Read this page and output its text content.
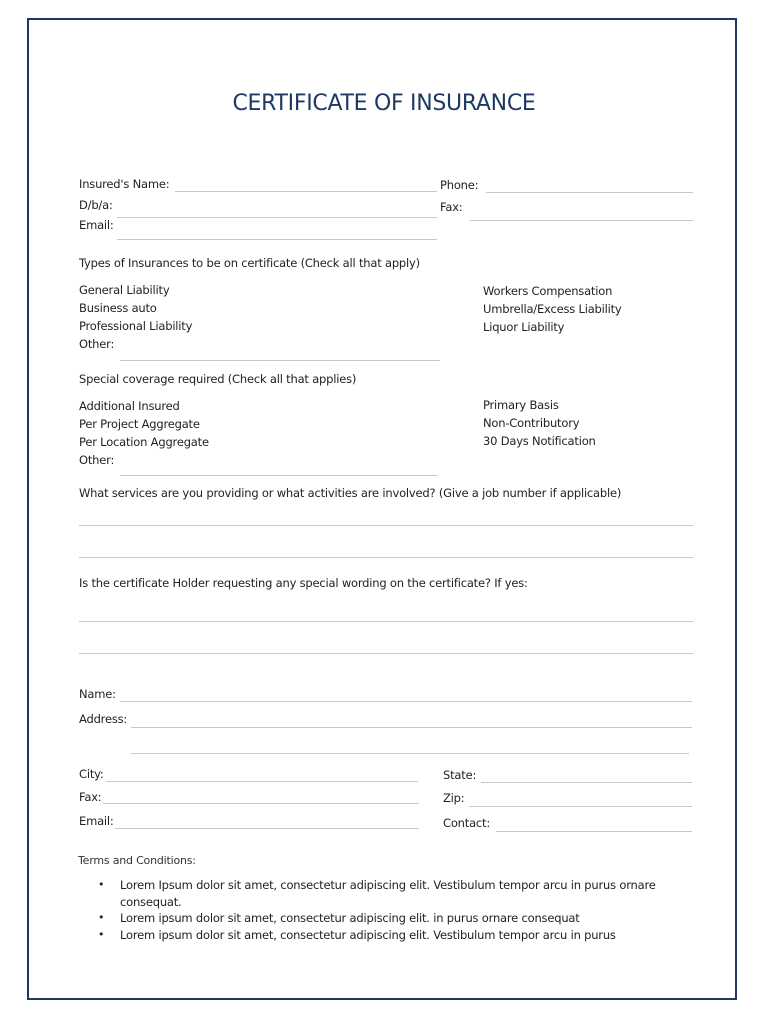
CERTIFICATE OF INSURANCE
Insured's Name:	Phone:
D/b/a:	Fax:
Email:
Types of Insurances to be on certificate (Check all that apply)
General Liability
Business auto
Professional Liability
Other:
Workers Compensation
Umbrella/Excess Liability
Liquor Liability
Special coverage required (Check all that applies)
Additional Insured
Per Project Aggregate
Per Location Aggregate
Other:
Primary Basis
Non-Contributory
30 Days Notification
What services are you providing or what activities are involved? (Give a job number if applicable)
Is the certificate Holder requesting any special wording on the certificate? If yes:
Name:
Address:
City:	State:
Fax:	Zip:
Email:	Contact:
Terms and Conditions:
• Lorem Ipsum dolor sit amet, consectetur adipiscing elit. Vestibulum tempor arcu in purus ornare consequat.
• Lorem ipsum dolor sit amet, consectetur adipiscing elit. in purus ornare consequat
• Lorem ipsum dolor sit amet, consectetur adipiscing elit. Vestibulum tempor arcu in purus
